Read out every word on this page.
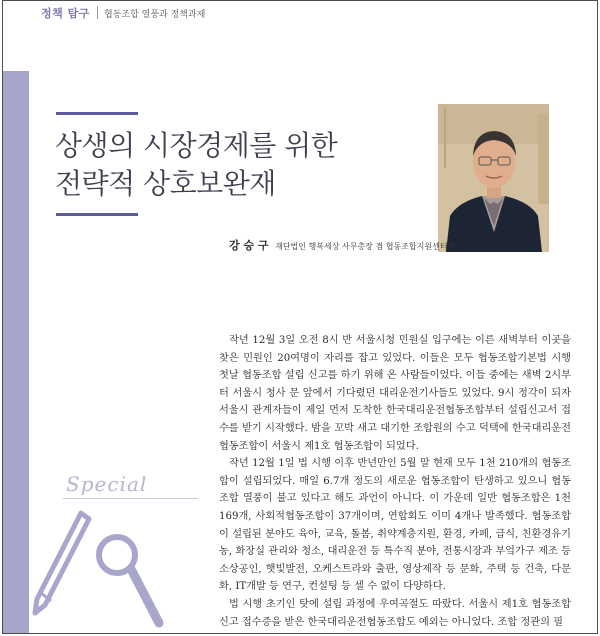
정책 탐구 협동조합 열풍과 정책과제
상생의 시장경제를 위한
전략적 상호보완재
강 승 구 재단법인 행복세상 사무총장 겸 협동조합지원센터장

작년 12월 3일 오전 8시 반 서울시청 민원실 입구에는 이른 새벽부터 이곳을 찾은 민원인 20여명이 자리를 잡고 있었다. 이들은 모두 협동조합기본법 시행 첫날 협동조합 설립 신고를 하기 위해 온 사람들이었다. 이들 중에는 새벽 2시부터 서울시 청사 문 앞에서 기다렸던 대리운전기사들도 있었다. 9시 정각이 되자 서울시 관계자들이 제일 먼저 도착한 한국대리운전협동조합부터 설립신고서 접수를 받기 시작했다. 밤을 꼬박 새고 대기한 조합원의 수고 덕택에 한국대리운전협동조합이 서울시 제1호 협동조합이 되었다.

작년 12월 1일 법 시행 이후 반년만인 5월 말 현재 모두 1천 210개의 협동조합이 설립되었다. 매일 6.7개 정도의 새로운 협동조합이 탄생하고 있으니 협동조합 열풍이 불고 있다고 해도 과언이 아니다. 이 가운데 일반 협동조합은 1천 169개, 사회적협동조합이 37개이며, 연합회도 이미 4개나 발족했다. 협동조합이 설립된 분야도 육아, 교육, 돌봄, 취약계층지원, 환경, 카페, 급식, 친환경유기농, 화장실 관리와 청소, 대리운전 등 특수직 분야, 전통시장과 부엌가구 제조 등 소상공인, 햇빛발전, 오케스트라와 출판, 영상제작 등 문화, 주택 등 건축, 다문화, IT개발 등 연구, 컨설팅 등 셀 수 없이 다양하다.

법 시행 초기인 탓에 설립 과정에 우여곡절도 따랐다. 서울시 제1호 협동조합 신고 접수증을 받은 한국대리운전협동조합도 예외는 아니었다. 조합 정관의 필

Special
